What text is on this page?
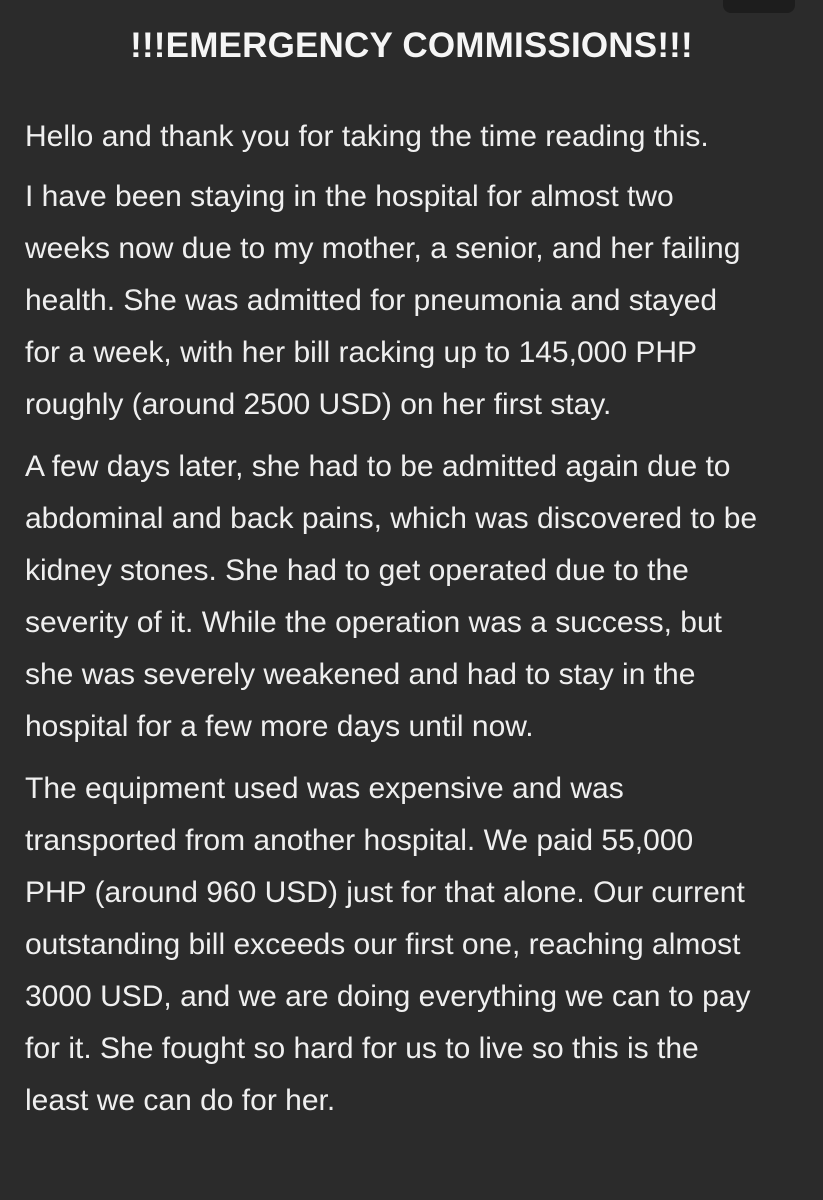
!!!EMERGENCY COMMISSIONS!!!

Hello and thank you for taking the time reading this.

I have been staying in the hospital for almost two
weeks now due to my mother, a senior, and her failing
health. She was admitted for pneumonia and stayed
for a week, with her bill racking up to 145,000 PHP
roughly (around 2500 USD) on her first stay.

A few days later, she had to be admitted again due to
abdominal and back pains, which was discovered to be
kidney stones. She had to get operated due to the
severity of it. While the operation was a success, but
she was severely weakened and had to stay in the
hospital for a few more days until now.

The equipment used was expensive and was
transported from another hospital. We paid 55,000
PHP (around 960 USD) just for that alone. Our current
outstanding bill exceeds our first one, reaching almost
3000 USD, and we are doing everything we can to pay
for it. She fought so hard for us to live so this is the
least we can do for her.
